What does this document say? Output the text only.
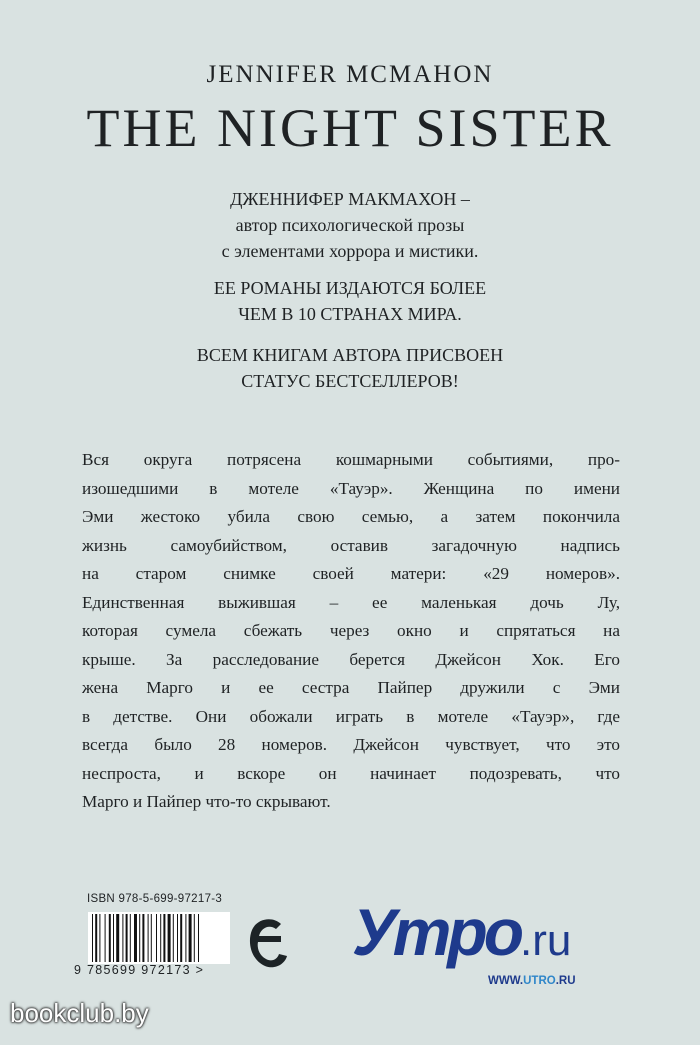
JENNIFER MCMAHON
THE NIGHT SISTER
ДЖЕННИФЕР МАКМАХОН –
автор психологической прозы
с элементами хоррора и мистики.
ЕЕ РОМАНЫ ИЗДАЮТСЯ БОЛЕЕ
ЧЕМ В 10 СТРАНАХ МИРА.
ВСЕМ КНИГАМ АВТОРА ПРИСВОЕН
СТАТУС БЕСТСЕЛЛЕРОВ!
Вся округа потрясена кошмарными событиями, про-
изошедшими в мотеле «Тауэр». Женщина по имени
Эми жестоко убила свою семью, а затем покончила
жизнь самоубийством, оставив загадочную надпись
на старом снимке своей матери: «29 номеров».
Единственная выжившая – ее маленькая дочь Лу,
которая сумела сбежать через окно и спрятаться на
крыше. За расследование берется Джейсон Хок. Его
жена Марго и ее сестра Пайпер дружили с Эми
в детстве. Они обожали играть в мотеле «Тауэр», где
всегда было 28 номеров. Джейсон чувствует, что это
неспроста, и вскоре он начинает подозревать, что
Марго и Пайпер что-то скрывают.
ISBN 978-5-699-97217-3
9 785699 972173 >
Утро.ru
WWW.UTRO.RU
bookclub.by
